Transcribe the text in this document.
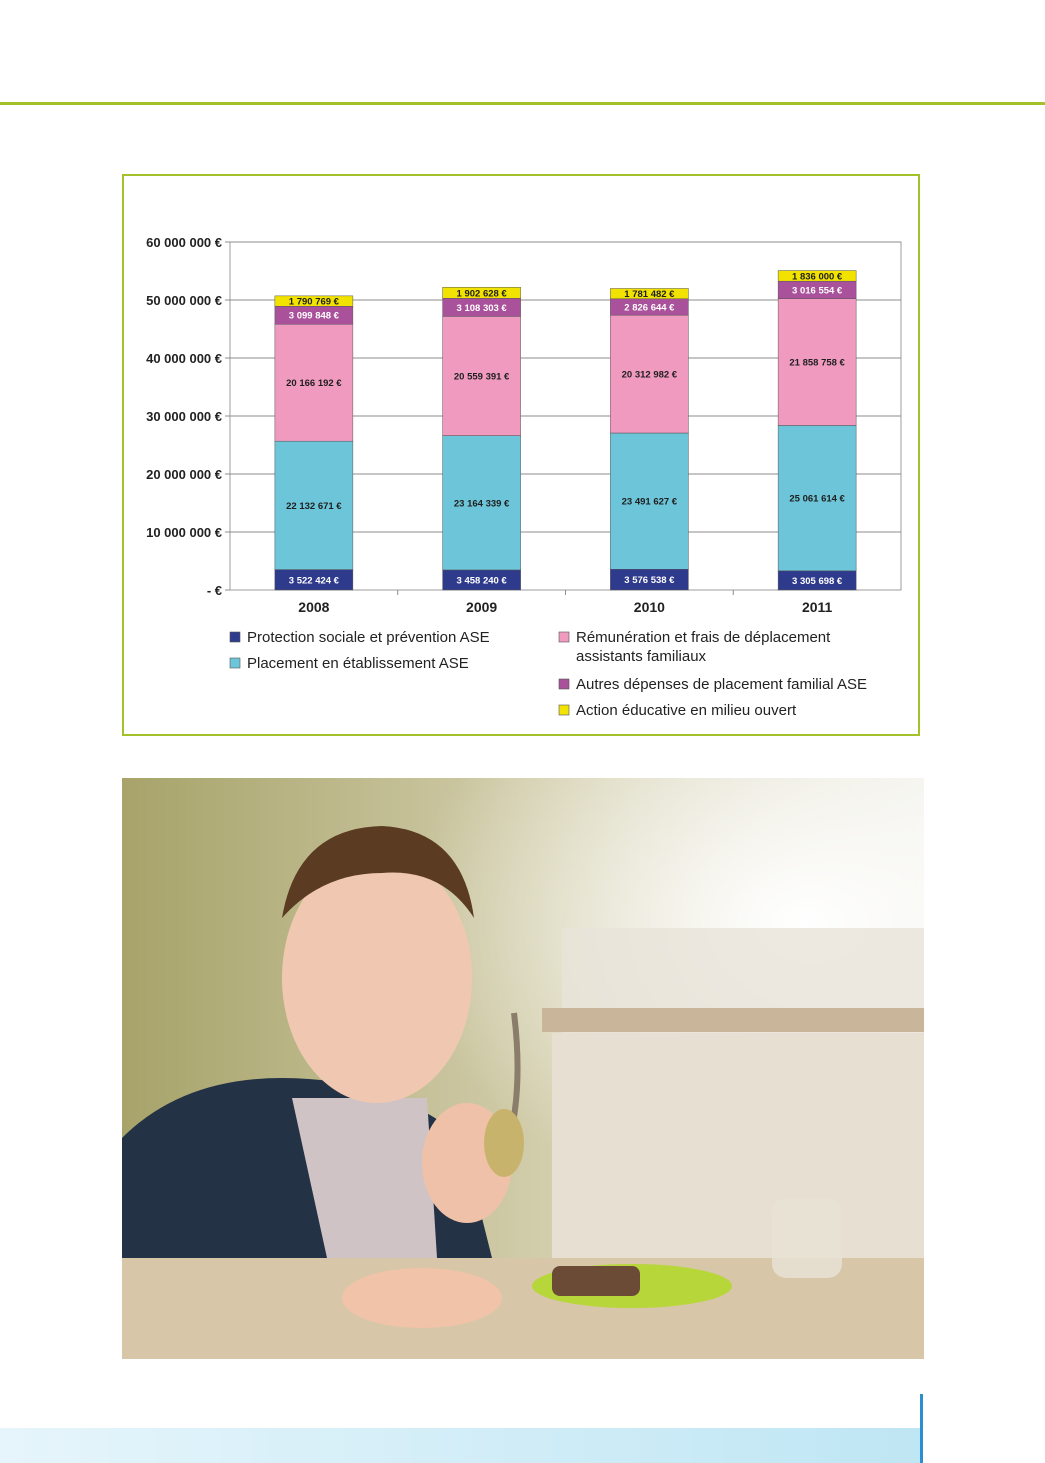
- €
10 000 000 €
20 000 000 €
30 000 000 €
40 000 000 €
50 000 000 €
60 000 000 €
3 522 424 €
22 132 671 €
20 166 192 €
3 099 848 €
1 790 769 €
2008
3 458 240 €
23 164 339 €
20 559 391 €
3 108 303 €
1 902 628 €
2009
3 576 538 €
23 491 627 €
20 312 982 €
2 826 644 €
1 781 482 €
2010
3 305 698 €
25 061 614 €
21 858 758 €
3 016 554 €
1 836 000 €
2011
Protection sociale et prévention ASE
Placement en établissement ASE
Rémunération et frais de déplacement
assistants familiaux
Autres dépenses de placement familial ASE
Action éducative en milieu ouvert
